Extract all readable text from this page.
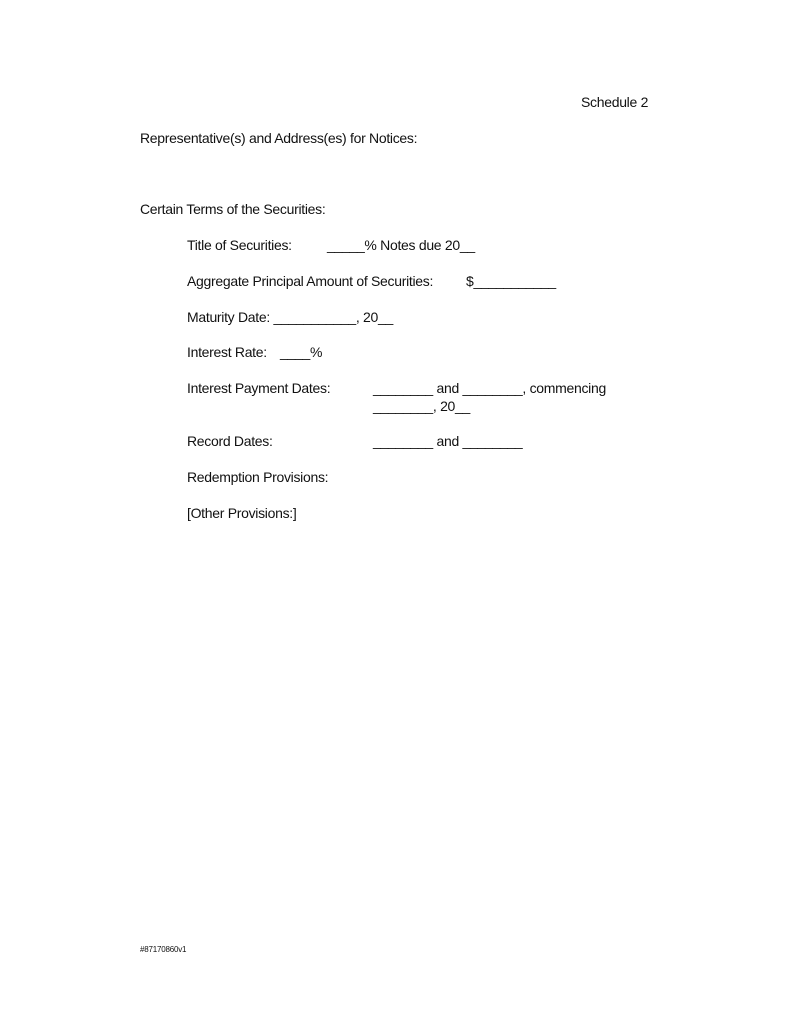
Schedule 2
Representative(s) and Address(es) for Notices:
Certain Terms of the Securities:
Title of Securities:	_____% Notes due 20__
Aggregate Principal Amount of Securities: $___________
Maturity Date: ___________, 20__
Interest Rate: ____%
Interest Payment Dates:	________ and ________, commencing
________, 20__
Record Dates:	________ and ________
Redemption Provisions:
[Other Provisions:]
#87170860v1
